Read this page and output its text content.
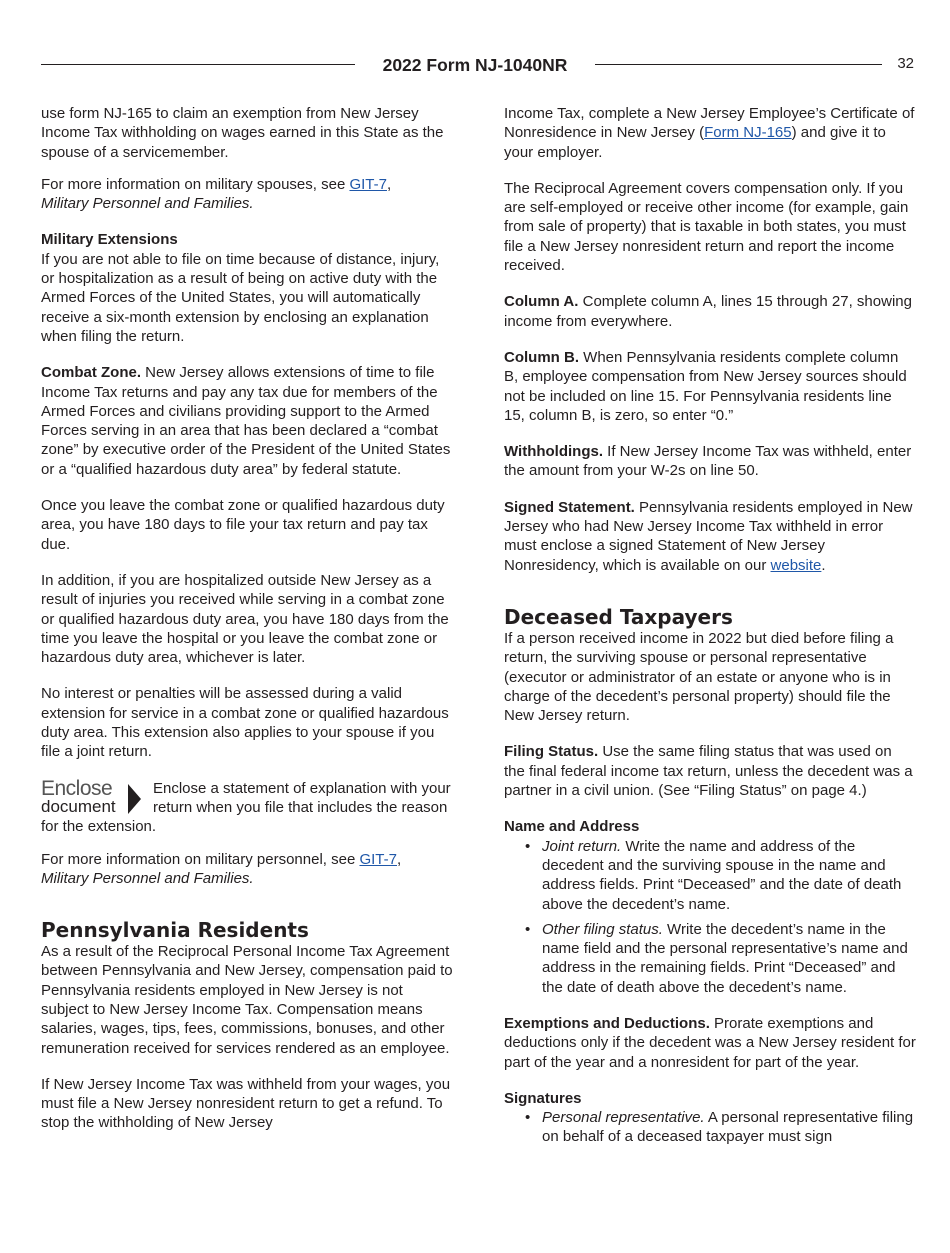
2022 Form NJ-1040NR	32

use form NJ-165 to claim an exemption from New Jersey Income Tax withholding on wages earned in this State as the spouse of a servicemember.

For more information on military spouses, see GIT-7,
Military Personnel and Families.

Military Extensions

If you are not able to file on time because of distance, injury, or hospitalization as a result of being on active duty with the Armed Forces of the United States, you will automatically receive a six-month extension by enclosing an explanation when filing the return.

Combat Zone. New Jersey allows extensions of time to file Income Tax returns and pay any tax due for members of the Armed Forces and civilians providing support to the Armed Forces serving in an area that has been declared a “combat zone” by executive order of the President of the United States or a “qualified hazardous duty area” by federal statute.

Once you leave the combat zone or qualified hazardous duty area, you have 180 days to file your tax return and pay tax due.

In addition, if you are hospitalized outside New Jersey as a result of injuries you received while serving in a combat zone or qualified hazardous duty area, you have 180 days from the time you leave the hospital or you leave the combat zone or hazardous duty area, whichever is later.

No interest or penalties will be assessed during a valid extension for service in a combat zone or qualified hazardous duty area. This extension also applies to your spouse if you file a joint return.

Enclose
document
Enclose a statement of explanation with your return when you file that includes the reason for the extension.

For more information on military personnel, see GIT-7,
Military Personnel and Families.

Pennsylvania Residents

As a result of the Reciprocal Personal Income Tax Agreement between Pennsylvania and New Jersey, compensation paid to Pennsylvania residents employed in New Jersey is not subject to New Jersey Income Tax. Compensation means salaries, wages, tips, fees, commissions, bonuses, and other remuneration received for services rendered as an employee.

If New Jersey Income Tax was withheld from your wages, you must file a New Jersey nonresident return to get a refund. To stop the withholding of New Jersey

Income Tax, complete a New Jersey Employee’s Certificate of Nonresidence in New Jersey (Form NJ-165) and give it to your employer.

The Reciprocal Agreement covers compensation only. If you are self-employed or receive other income (for example, gain from sale of property) that is taxable in both states, you must file a New Jersey nonresident return and report the income received.

Column A. Complete column A, lines 15 through 27, showing income from everywhere.

Column B. When Pennsylvania residents complete column B, employee compensation from New Jersey sources should not be included on line 15. For Pennsylvania residents line 15, column B, is zero, so enter “0.”

Withholdings. If New Jersey Income Tax was withheld, enter the amount from your W-2s on line 50.

Signed Statement. Pennsylvania residents employed in New Jersey who had New Jersey Income Tax withheld in error must enclose a signed Statement of New Jersey Nonresidency, which is available on our website.

Deceased Taxpayers

If a person received income in 2022 but died before filing a return, the surviving spouse or personal representative (executor or administrator of an estate or anyone who is in charge of the decedent’s personal property) should file the New Jersey return.

Filing Status. Use the same filing status that was used on the final federal income tax return, unless the decedent was a partner in a civil union. (See “Filing Status” on page 4.)

Name and Address

• Joint return. Write the name and address of the decedent and the surviving spouse in the name and address fields. Print “Deceased” and the date of death above the decedent’s name.
• Other filing status. Write the decedent’s name in the name field and the personal representative’s name and address in the remaining fields. Print “Deceased” and the date of death above the decedent’s name.

Exemptions and Deductions. Prorate exemptions and deductions only if the decedent was a New Jersey resident for part of the year and a nonresident for part of the year.

Signatures

• Personal representative. A personal representative filing on behalf of a deceased taxpayer must sign
